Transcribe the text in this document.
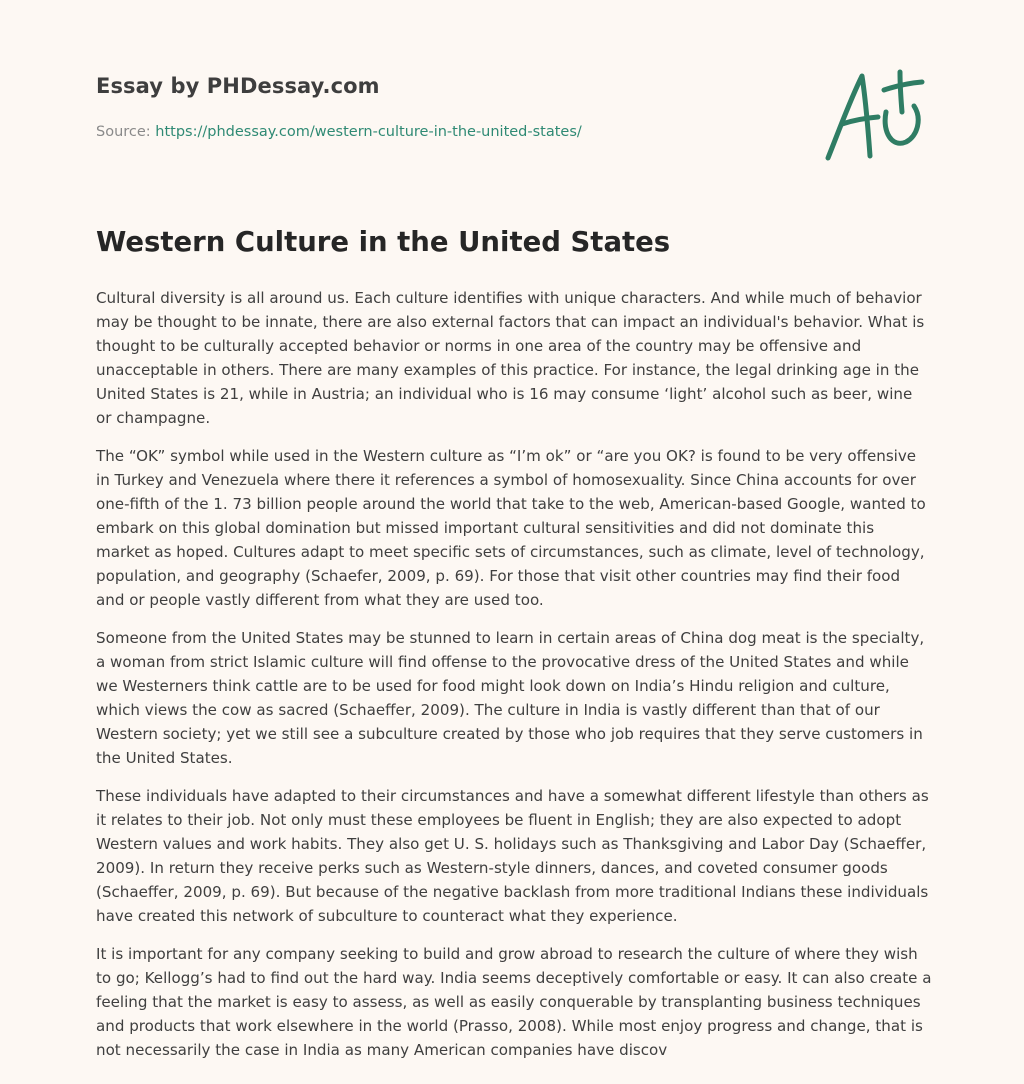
Essay by PHDessay.com

Source: https://phdessay.com/western-culture-in-the-united-states/
Western Culture in the United States

Cultural diversity is all around us. Each culture identifies with unique characters. And while much of behavior may be thought to be innate, there are also external factors that can impact an individual's behavior. What is thought to be culturally accepted behavior or norms in one area of the country may be offensive and unacceptable in others. There are many examples of this practice. For instance, the legal drinking age in the United States is 21, while in Austria; an individual who is 16 may consume ‘light’ alcohol such as beer, wine or champagne.

The “OK” symbol while used in the Western culture as “I’m ok” or “are you OK? is found to be very offensive in Turkey and Venezuela where there it references a symbol of homosexuality. Since China accounts for over one-fifth of the 1. 73 billion people around the world that take to the web, American-based Google, wanted to embark on this global domination but missed important cultural sensitivities and did not dominate this market as hoped. Cultures adapt to meet specific sets of circumstances, such as climate, level of technology, population, and geography (Schaefer, 2009, p. 69). For those that visit other countries may find their food and or people vastly different from what they are used too.

Someone from the United States may be stunned to learn in certain areas of China dog meat is the specialty, a woman from strict Islamic culture will find offense to the provocative dress of the United States and while we Westerners think cattle are to be used for food might look down on India’s Hindu religion and culture, which views the cow as sacred (Schaeffer, 2009). The culture in India is vastly different than that of our Western society; yet we still see a subculture created by those who job requires that they serve customers in the United States.

These individuals have adapted to their circumstances and have a somewhat different lifestyle than others as it relates to their job. Not only must these employees be fluent in English; they are also expected to adopt Western values and work habits. They also get U. S. holidays such as Thanksgiving and Labor Day (Schaeffer, 2009). In return they receive perks such as Western-style dinners, dances, and coveted consumer goods (Schaeffer, 2009, p. 69). But because of the negative backlash from more traditional Indians these individuals have created this network of subculture to counteract what they experience.

It is important for any company seeking to build and grow abroad to research the culture of where they wish to go; Kellogg’s had to find out the hard way. India seems deceptively comfortable or easy. It can also create a feeling that the market is easy to assess, as well as easily conquerable by transplanting business techniques and products that work elsewhere in the world (Prasso, 2008). While most enjoy progress and change, that is not necessarily the case in India as many American companies have discov
